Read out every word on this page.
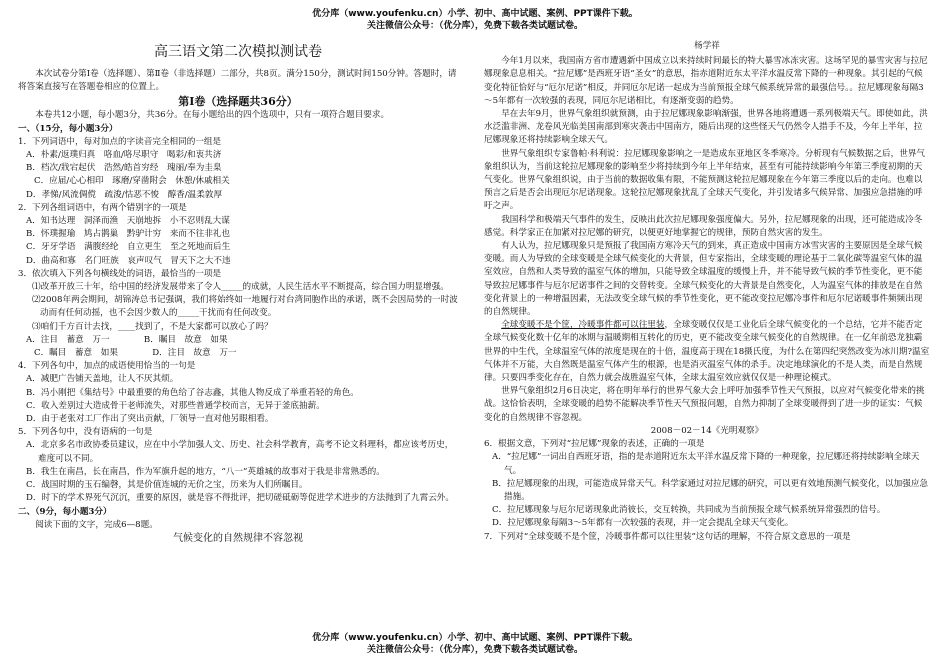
优分库（www.youfenku.cn）小学、初中、高中试题、案例、PPT课件下载。
关注微信公众号：（优分库），免费下载各类试题试卷。

高三语文第二次模拟测试卷

本次试卷分第Ⅰ卷（选择题）、第Ⅱ卷（非选择题）二部分，共8页。满分150分，测试时间150分钟。答题时，请将答案直接写在答题卷相应的位置上。

第Ⅰ卷（选择题共36分）

本卷共12小题，每小题3分，共36分。在每小题给出的四个选项中，只有一项符合题目要求。

一、（15分，每小题3分）

1．下列词语中，每对加点的字读音完全相同的一组是

A．朴素/返璞归真　咯血/咯尽职守　喝彩/和衷共济

B．档次/戕宕起伏　浩然/皓首穷经　瑰丽/奉为圭臬

C．应届/心心相印　琢磨/穿凿附会　休憩/休戚相关

D．孝悌/风流倜傥　疏浚/怙恶不悛　醇香/温柔敦厚

2．下列各组词语中，有两个错别字的一项是

A．知书达理　洞泽而渔　天崩地拆　小不忍则乱大谋

B．怀璞握瑜　鸠占鹊巢　黔驴计穷　来而不往非礼也

C．牙牙学语　满腹经纶　自立更生　至之死地而后生

D．曲高和寡　名门旺族　哀声叹气　冒天下之大不违

3．依次填入下列各句横线处的词语，最恰当的一项是

⑴改革开放三十年，给中国的经济发展带来了令人_____的成就，人民生活水平不断提高，综合国力明显增强。

⑵2008年两会期间，胡锦涛总书记强调，我们将始终如一地履行对台湾同胞作出的承诺，既不会因局势的一时波动而有任何动摇，也不会因少数人的_____干扰而有任何改变。

⑶咱们千方百计去找，____找到了，不是大家都可以放心了吗？

A．注目　蓄意　万一　　　　B．瞩目　故意　如果

C．瞩目　蓄意　如果　　　　D．注目　故意　万一

4．下列各句中，加点的成语使用恰当的一句是

A．减肥广告铺天盖地，让人不厌其烦。

B．冯小刚把《集结号》中最重要的角色给了谷志鑫，其他人物反成了举重若轻的角色。

C．收入差别过大造成骨干老师流失，对那些普通学校而言，无异于釜底抽薪。

D．由于老张对工厂作出了突出贡献，厂领导一直对他另眼相看。

5．下列各句中，没有语病的一句是

A．北京多名市政协委员建议，应在中小学加强人文、历史、社会科学教育，高考不论文科理科，都应该考历史，难度可以不同。

B．我生在南昌，长在南昌，作为军旗升起的地方，“八一”英雄城的故事对于我是非常熟悉的。

C．战国时期的玉石编磬，其是价值连城的无价之宝，历来为人们所瞩目。

D．时下的学术界死气沉沉，重要的原因，就是容不得批评，把切磋砥砺等促进学术进步的方法抛到了九霄云外。

二、（9分，每小题3分）

阅读下面的文字，完成6—8题。

气候变化的自然规律不容忽视

杨学祥

今年1月以来，我国南方省市遭遇新中国成立以来持续时间最长的特大暴雪冰冻灾害。这场罕见的暴雪灾害与拉尼娜现象息息相关。“拉尼娜”是西班牙语“圣女”的意思，指赤道附近东太平洋水温反常下降的一种现象。其引起的气候变化特征恰好与“厄尔尼诺”相反，并同厄尔尼诺一起成为当前预报全球气候系统异常的最强信号。。拉尼娜现象每隔3～5年都有一次较强的表现，同厄尔尼诺相比，有逐渐变弱的趋势。

早在去年9月，世界气象组织就预测，由于拉尼娜现象影响渐强，世界各地将遭遇一系列极端天气。即使如此，洪水泛滥非洲、龙卷风光临美国南部到寒灾袭击中国南方，随后出现的这些怪天气仍然令人措手不及，今年上半年，拉尼娜现象还将持续影响全球天气。

世界气象组织专家鲁帕·科利说：拉尼娜现象影响之一是造成东亚地区冬季寒冷。分析现有气候数据之后，世界气象组织认为，当前这轮拉尼娜现象的影响至少将持续到今年上半年结束，甚至有可能持续影响今年第三季度初期的天气变化。世界气象组织说，由于当前的数据收集有限，不能预测这轮拉尼娜现象在今年第三季度以后的走向。也难以预言之后是否会出现厄尔尼诺现象。这轮拉尼娜现象扰乱了全球天气变化，并引发诸多气候异常、加强应急措施的呼吁之声。

我国科学和极端天气事件的发生，反映出此次拉尼娜现象强度偏大。另外，拉尼娜现象的出现，还可能造成冷冬感觉。科学家正在加紧对拉尼娜的研究，以便更好地掌握它的规律，预防自然灾害的发生。

有人认为，拉尼娜现象只是预报了我国南方寒冷天气的到来，真正造成中国南方冰雪灾害的主要原因是全球气候变暖。而人为导致的全球变暖是全球气候变化的大背景，但专家指出，全球变暖的理论基于二氧化碳等温室气体的温室效应，自然和人类导致的温室气体的增加，只能导致全球温度的缓慢上升，并不能导致气候的季节性变化，更不能导致拉尼娜事件与厄尔尼诺事件之间的交替转变。全球气候变化的大背景是自然变化，人为温室气体的排放是在自然变化背景上的一种增温因素，无法改变全球气候的季节性变化，更不能改变拉尼娜冷事件和厄尔尼诺暖事件频频出现的自然规律。

全球变暖不是个筐，冷暖事件都可以往里装，全球变暖仅仅是工业化后全球气候变化的一个总结，它并不能否定全球气候变化数十亿年的冰期与温暖期相互转化的历史，更不能改变全球气候变化的自然规律。在一亿年前恐龙独霸世界的中生代，全球温室气体的浓度是现在的十倍，温度高于现在18摄氏度，为什么在第四纪突然改变为冰川期?温室气体并不万能，大自然既是温室气体产生的根源，也是消灭温室气体的杀手。决定地球演化的不是人类，而是自然规律。只要四季变化存在，自然力就会战胜温室气体，全球太温室效应就仅仅是一种理论模式。

世界气象组织2月6日决定，将在明年举行的世界气象大会上呼吁加强季节性天气预报，以应对气候变化带来的挑战。这恰恰表明，全球变暖的趋势不能解决季节性天气预报问题，自然力抑制了全球变暖得到了进一步的证实：气候变化的自然规律不容忽视。

2008－02－14《光明观察》

6．根据文意，下列对“拉尼娜”现象的表述，正确的一项是

A．“拉尼娜”一词出自西班牙语，指的是赤道附近东太平洋水温反常下降的一种现象，拉尼娜还将持续影响全球天气。

B．拉尼娜现象的出现，可能造成异常天气。科学家通过对拉尼娜的研究，可以更有效地预测气候变化，以加强应急措施。

C．拉尼娜现象与厄尔尼诺现象此消彼长，交互转换，共同成为当前预报全球气候系统异常强烈的信号。

D．拉尼娜现象每隔3～5年都有一次较强的表现，并一定会提乱全球天气变化。

7．下列对“全球变暖不是个筐，冷暖事件都可以往里装”这句话的理解，不符合原文意思的一项是

优分库（www.youfenku.cn）小学、初中、高中试题、案例、PPT课件下载。
关注微信公众号：（优分库），免费下载各类试题试卷。
